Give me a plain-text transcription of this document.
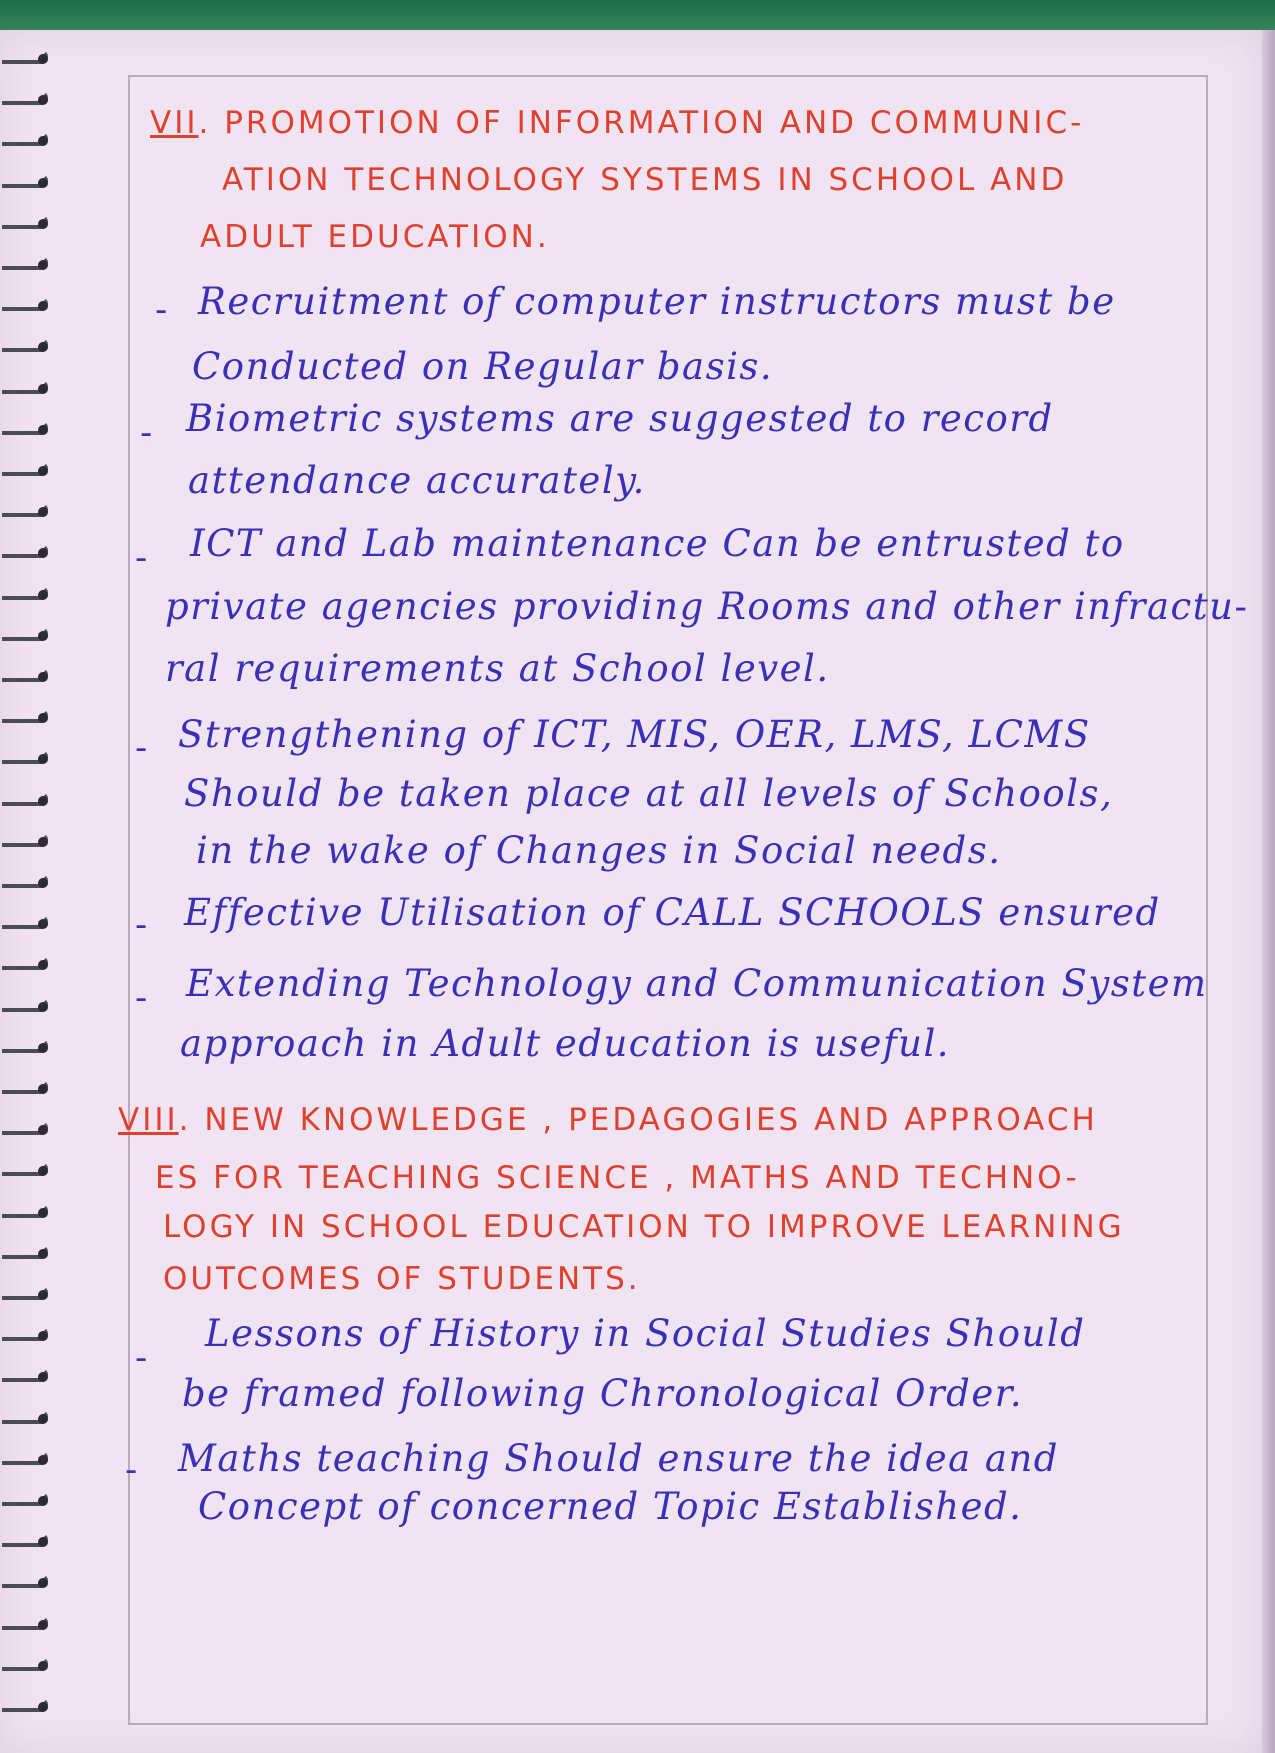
VII. PROMOTION OF INFORMATION AND COMMUNIC-
ATION TECHNOLOGY SYSTEMS IN SCHOOL AND
ADULT EDUCATION.
- Recruitment of computer instructors must be
Conducted on Regular basis.
- Biometric systems are suggested to record
attendance accurately.
- ICT and Lab maintenance Can be entrusted to
private agencies providing Rooms and other infractu-
ral requirements at School level.
- Strengthening of ICT, MIS, OER, LMS, LCMS
Should be taken place at all levels of Schools,
in the wake of Changes in Social needs.
- Effective Utilisation of CALL SCHOOLS ensured
- Extending Technology and Communication System
approach in Adult education is useful.
VIII. NEW KNOWLEDGE , PEDAGOGIES AND APPROACH
ES FOR TEACHING SCIENCE , MATHS AND TECHNO-
LOGY IN SCHOOL EDUCATION TO IMPROVE LEARNING
OUTCOMES OF STUDENTS.
-
Lessons of History in Social Studies Should
be framed following Chronological Order.
- Maths teaching Should ensure the idea and
Concept of concerned Topic Established.
